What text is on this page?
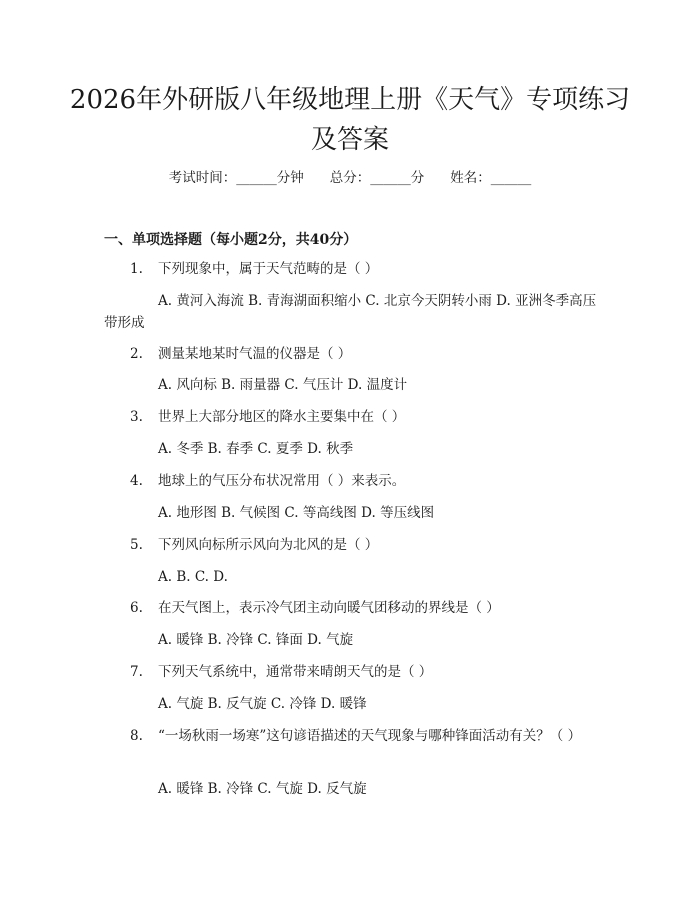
2026年外研版八年级地理上册《天气》专项练习及答案
考试时间：______分钟 总分：______分 姓名：______
一、单项选择题（每小题2分，共40分）
1. 下列现象中，属于天气范畴的是（ ）
A. 黄河入海流 B. 青海湖面积缩小 C. 北京今天阴转小雨 D. 亚洲冬季高压带形成
2. 测量某地某时气温的仪器是（ ）
A. 风向标 B. 雨量器 C. 气压计 D. 温度计
3. 世界上大部分地区的降水主要集中在（ ）
A. 冬季 B. 春季 C. 夏季 D. 秋季
4. 地球上的气压分布状况常用（ ）来表示。
A. 地形图 B. 气候图 C. 等高线图 D. 等压线图
5. 下列风向标所示风向为北风的是（ ）
A. B. C. D.
6. 在天气图上，表示冷气团主动向暖气团移动的界线是（ ）
A. 暖锋 B. 冷锋 C. 锋面 D. 气旋
7. 下列天气系统中，通常带来晴朗天气的是（ ）
A. 气旋 B. 反气旋 C. 冷锋 D. 暖锋
8. “一场秋雨一场寒”这句谚语描述的天气现象与哪种锋面活动有关？（ ）
A. 暖锋 B. 冷锋 C. 气旋 D. 反气旋
